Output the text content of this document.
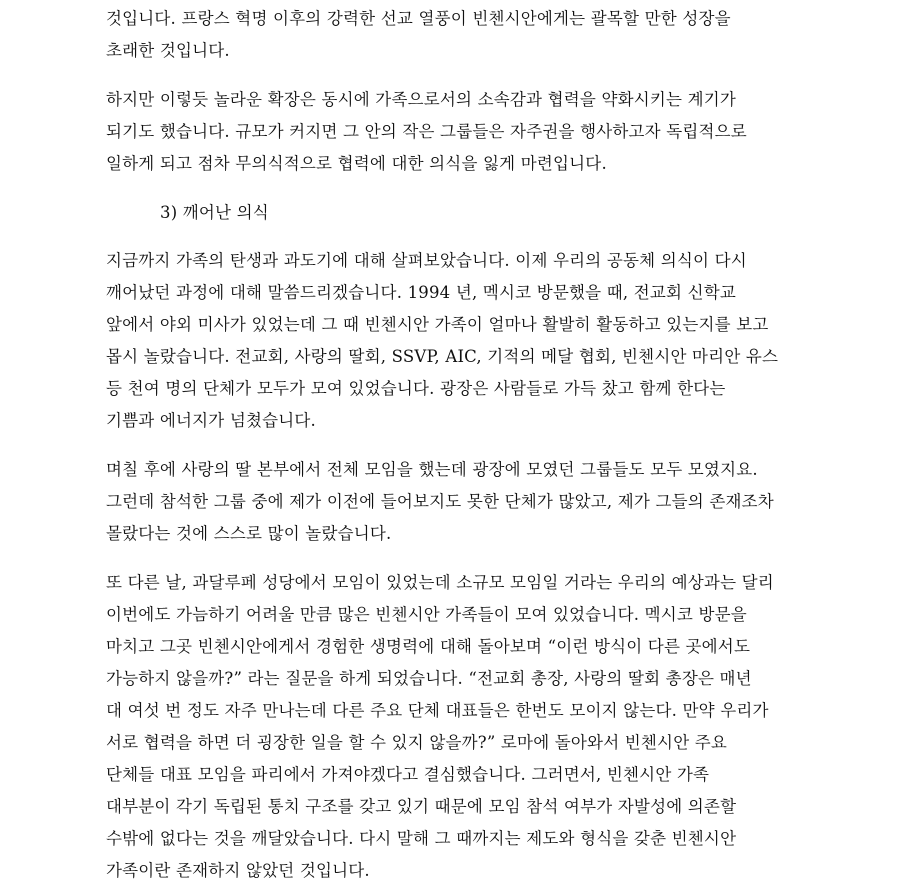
것입니다. 프랑스 혁명 이후의 강력한 선교 열풍이 빈첸시안에게는 괄목할 만한 성장을
초래한 것입니다.
하지만 이렇듯 놀라운 확장은 동시에 가족으로서의 소속감과 협력을 약화시키는 계기가
되기도 했습니다. 규모가 커지면 그 안의 작은 그룹들은 자주권을 행사하고자 독립적으로
일하게 되고 점차 무의식적으로 협력에 대한 의식을 잃게 마련입니다.
3) 깨어난 의식
지금까지 가족의 탄생과 과도기에 대해 살펴보았습니다. 이제 우리의 공동체 의식이 다시
깨어났던 과정에 대해 말씀드리겠습니다. 1994 년, 멕시코 방문했을 때, 전교회 신학교
앞에서 야외 미사가 있었는데 그 때 빈첸시안 가족이 얼마나 활발히 활동하고 있는지를 보고
몹시 놀랐습니다. 전교회, 사랑의 딸회, SSVP, AIC, 기적의 메달 협회, 빈첸시안 마리안 유스
등 천여 명의 단체가 모두가 모여 있었습니다. 광장은 사람들로 가득 찼고 함께 한다는
기쁨과 에너지가 넘쳤습니다.
며칠 후에 사랑의 딸 본부에서 전체 모임을 했는데 광장에 모였던 그룹들도 모두 모였지요.
그런데 참석한 그룹 중에 제가 이전에 들어보지도 못한 단체가 많았고, 제가 그들의 존재조차
몰랐다는 것에 스스로 많이 놀랐습니다.
또 다른 날, 과달루페 성당에서 모임이 있었는데 소규모 모임일 거라는 우리의 예상과는 달리
이번에도 가늠하기 어려울 만큼 많은 빈첸시안 가족들이 모여 있었습니다. 멕시코 방문을
마치고 그곳 빈첸시안에게서 경험한 생명력에 대해 돌아보며 “이런 방식이 다른 곳에서도
가능하지 않을까?” 라는 질문을 하게 되었습니다. “전교회 총장, 사랑의 딸회 총장은 매년
대 여섯 번 정도 자주 만나는데 다른 주요 단체 대표들은 한번도 모이지 않는다. 만약 우리가
서로 협력을 하면 더 굉장한 일을 할 수 있지 않을까?” 로마에 돌아와서 빈첸시안 주요
단체들 대표 모임을 파리에서 가져야겠다고 결심했습니다. 그러면서, 빈첸시안 가족
대부분이 각기 독립된 통치 구조를 갖고 있기 때문에 모임 참석 여부가 자발성에 의존할
수밖에 없다는 것을 깨달았습니다. 다시 말해 그 때까지는 제도와 형식을 갖춘 빈첸시안
가족이란 존재하지 않았던 것입니다.
